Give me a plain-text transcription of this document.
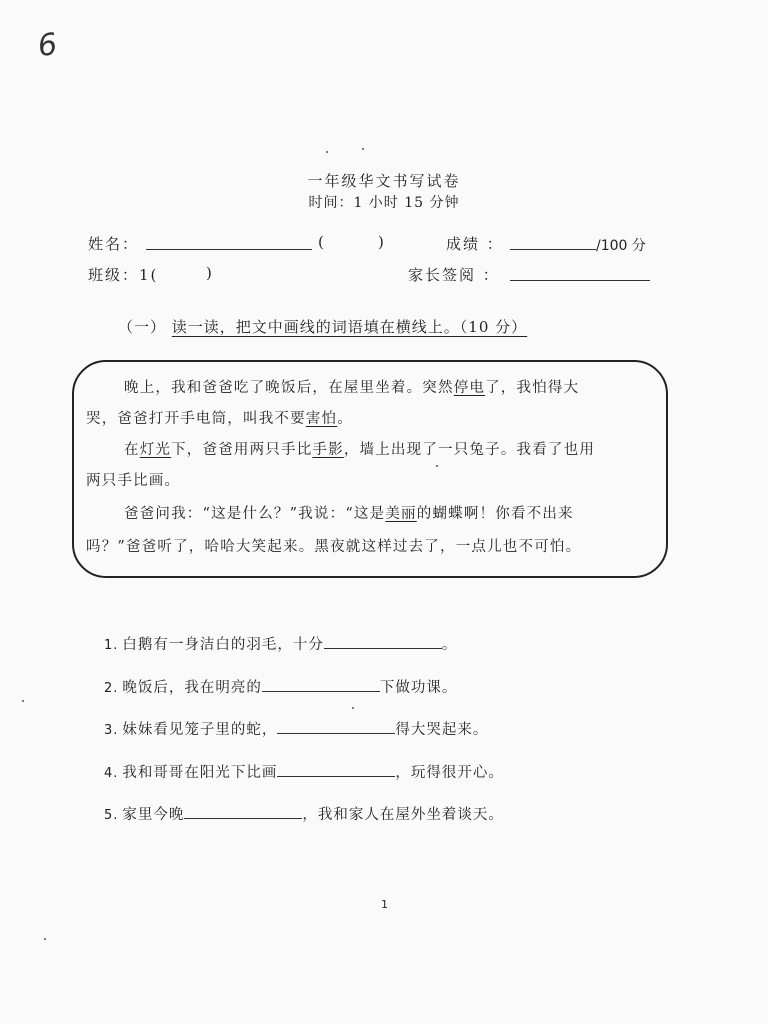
6
一年级华文书写试卷
时间：1 小时 15 分钟
姓名：	(	)	成绩 ：	/100 分
班级：1(	)	家长签阅 ：
（一） 读一读，把文中画线的词语填在横线上。（10 分）
晚上，我和爸爸吃了晚饭后，在屋里坐着。突然停电了，我怕得大
哭，爸爸打开手电筒，叫我不要害怕。
在灯光下，爸爸用两只手比手影，墙上出现了一只兔子。我看了也用
两只手比画。
爸爸问我：“这是什么？”我说：“这是美丽的蝴蝶啊！你看不出来
吗？”爸爸听了，哈哈大笑起来。黑夜就这样过去了，一点儿也不可怕。
1. 白鹅有一身洁白的羽毛，十分	。
2. 晚饭后，我在明亮的	下做功课。
3. 妹妹看见笼子里的蛇，	得大哭起来。
4. 我和哥哥在阳光下比画	，玩得很开心。
5. 家里今晚	，我和家人在屋外坐着谈天。
1
